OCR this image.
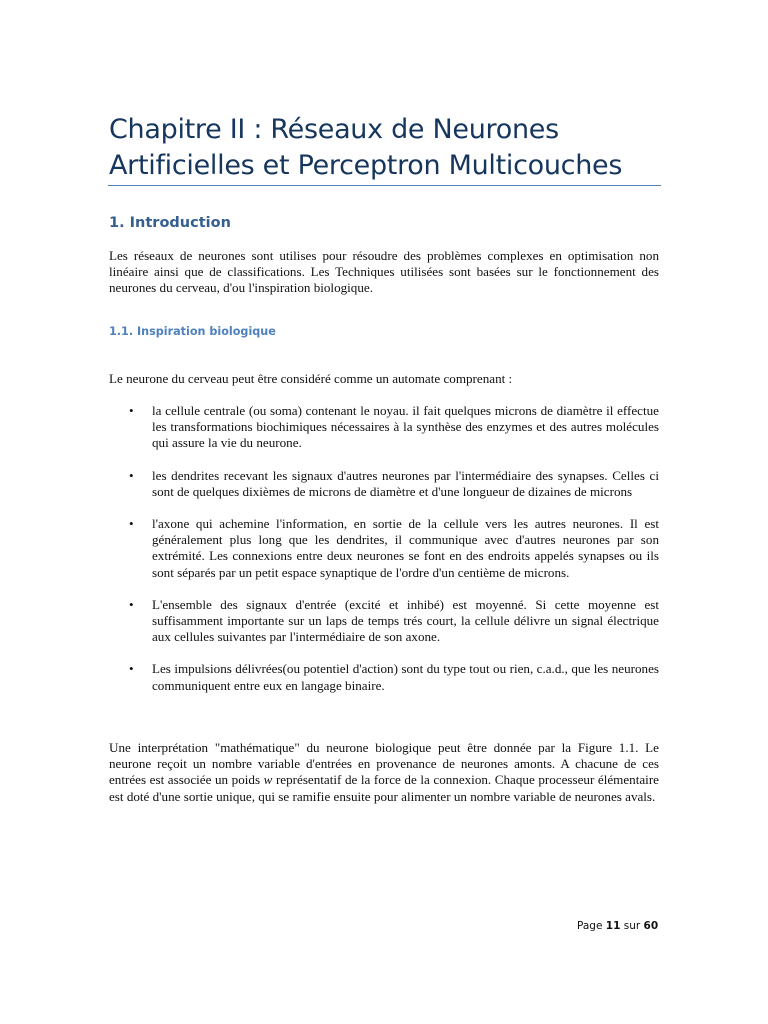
Chapitre II : Réseaux de Neurones
Artificielles et Perceptron Multicouches
1. Introduction

Les réseaux de neurones sont utilises pour résoudre des problèmes complexes en optimisation non linéaire ainsi que de classifications. Les Techniques utilisées sont basées sur le fonctionnement des neurones du cerveau, d'ou l'inspiration biologique.

1.1. Inspiration biologique

Le neurone du cerveau peut être considéré comme un automate comprenant :

• la cellule centrale (ou soma) contenant le noyau. il fait quelques microns de diamètre il effectue les transformations biochimiques nécessaires à la synthèse des enzymes et des autres molécules qui assure la vie du neurone.
• les dendrites recevant les signaux d'autres neurones par l'intermédiaire des synapses. Celles ci sont de quelques dixièmes de microns de diamètre et d'une longueur de dizaines de microns
• l'axone qui achemine l'information, en sortie de la cellule vers les autres neurones. Il est généralement plus long que les dendrites, il communique avec d'autres neurones par son extrémité. Les connexions entre deux neurones se font en des endroits appelés synapses ou ils sont séparés par un petit espace synaptique de l'ordre d'un centième de microns.
• L'ensemble des signaux d'entrée (excité et inhibé) est moyenné. Si cette moyenne est suffisamment importante sur un laps de temps trés court, la cellule délivre un signal électrique aux cellules suivantes par l'intermédiaire de son axone.
• Les impulsions délivrées(ou potentiel d'action) sont du type tout ou rien, c.a.d., que les neurones communiquent entre eux en langage binaire.

Une interprétation "mathématique" du neurone biologique peut être donnée par la Figure 1.1. Le neurone reçoit un nombre variable d'entrées en provenance de neurones amonts. A chacune de ces entrées est associée un poids w représentatif de la force de la connexion. Chaque processeur élémentaire est doté d'une sortie unique, qui se ramifie ensuite pour alimenter un nombre variable de neurones avals.

Page 11 sur 60
